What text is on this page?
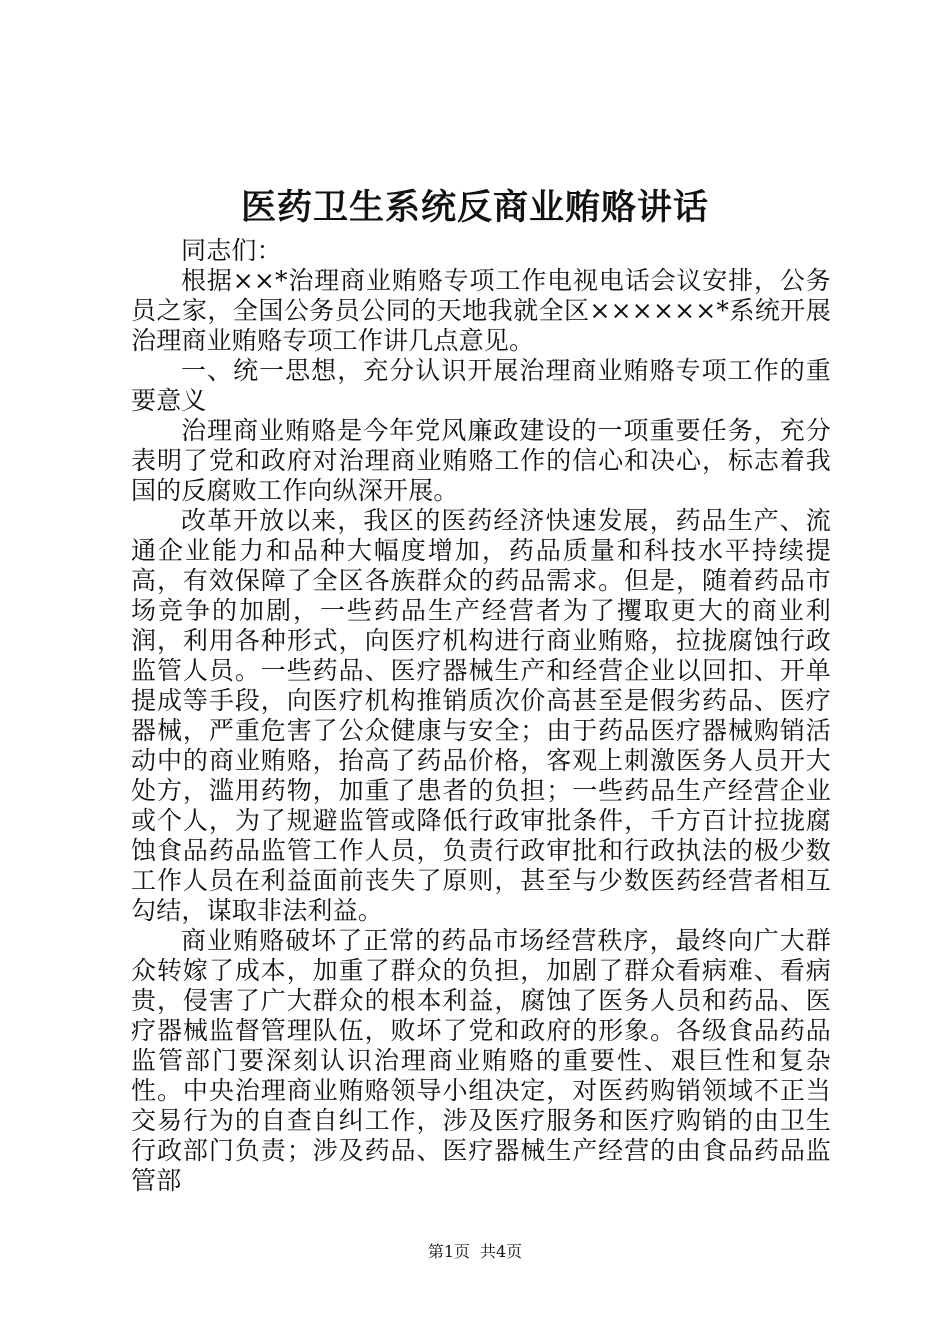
医药卫生系统反商业贿赂讲话

同志们：

根据××*治理商业贿赂专项工作电视电话会议安排，公务员之家，全国公务员公同的天地我就全区××××××*系统开展治理商业贿赂专项工作讲几点意见。

一、统一思想，充分认识开展治理商业贿赂专项工作的重要意义

治理商业贿赂是今年党风廉政建设的一项重要任务，充分表明了党和政府对治理商业贿赂工作的信心和决心，标志着我国的反腐败工作向纵深开展。

改革开放以来，我区的医药经济快速发展，药品生产、流通企业能力和品种大幅度增加，药品质量和科技水平持续提高，有效保障了全区各族群众的药品需求。但是，随着药品市场竞争的加剧，一些药品生产经营者为了攫取更大的商业利润，利用各种形式，向医疗机构进行商业贿赂，拉拢腐蚀行政监管人员。一些药品、医疗器械生产和经营企业以回扣、开单提成等手段，向医疗机构推销质次价高甚至是假劣药品、医疗器械，严重危害了公众健康与安全；由于药品医疗器械购销活动中的商业贿赂，抬高了药品价格，客观上刺激医务人员开大处方，滥用药物，加重了患者的负担；一些药品生产经营企业或个人，为了规避监管或降低行政审批条件，千方百计拉拢腐蚀食品药品监管工作人员，负责行政审批和行政执法的极少数工作人员在利益面前丧失了原则，甚至与少数医药经营者相互勾结，谋取非法利益。

商业贿赂破坏了正常的药品市场经营秩序，最终向广大群众转嫁了成本，加重了群众的负担，加剧了群众看病难、看病贵，侵害了广大群众的根本利益，腐蚀了医务人员和药品、医疗器械监督管理队伍，败坏了党和政府的形象。各级食品药品监管部门要深刻认识治理商业贿赂的重要性、艰巨性和复杂性。中央治理商业贿赂领导小组决定，对医药购销领域不正当交易行为的自查自纠工作，涉及医疗服务和医疗购销的由卫生行政部门负责；涉及药品、医疗器械生产经营的由食品药品监管部

第1页 共4页
